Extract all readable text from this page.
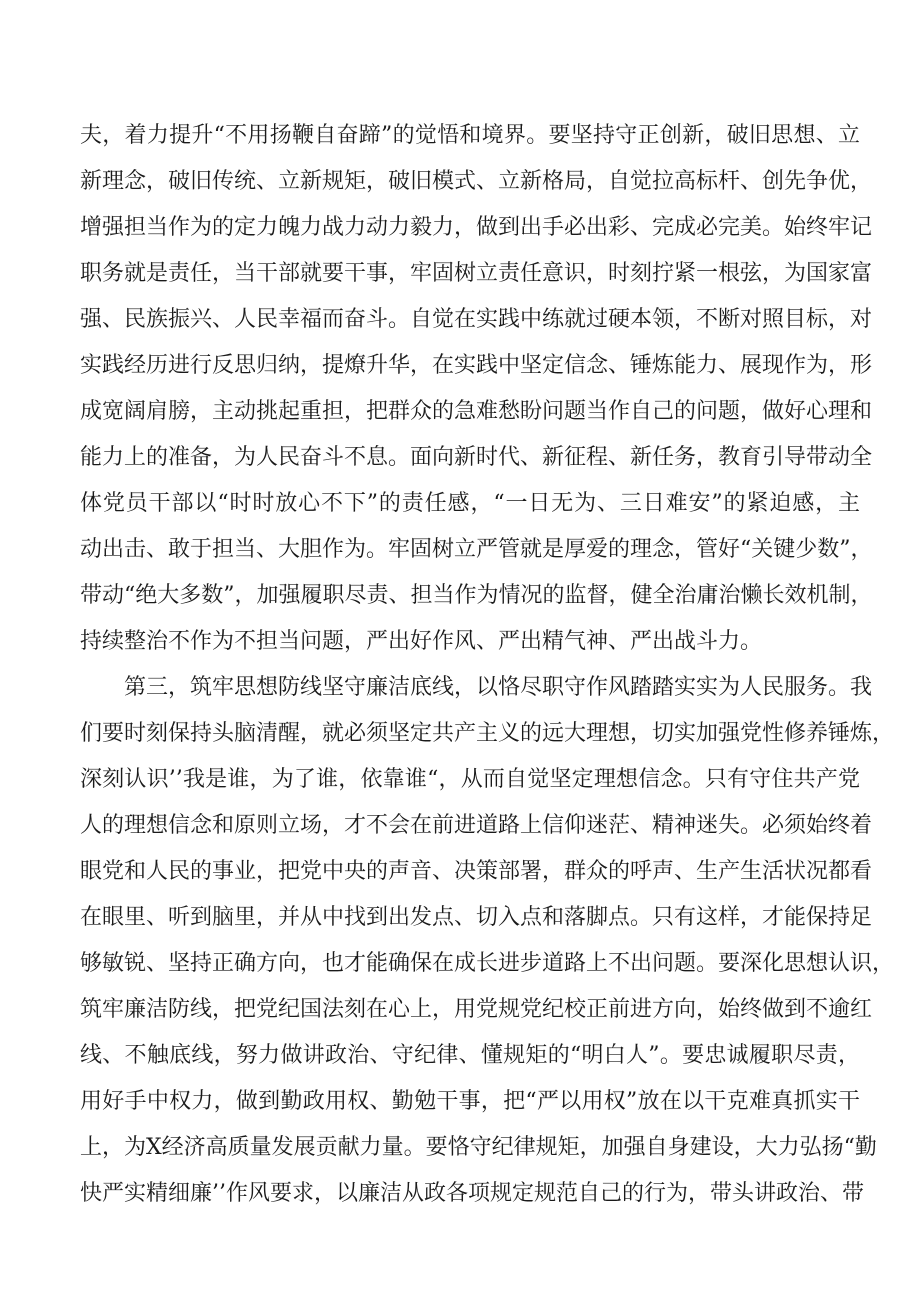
夫，着力提升“不用扬鞭自奋蹄”的觉悟和境界。要坚持守正创新，破旧思想、立
新理念，破旧传统、立新规矩，破旧模式、立新格局，自觉拉高标杆、创先争优，
增强担当作为的定力魄力战力动力毅力，做到出手必出彩、完成必完美。始终牢记
职务就是责任，当干部就要干事，牢固树立责任意识，时刻拧紧一根弦，为国家富
强、民族振兴、人民幸福而奋斗。自觉在实践中练就过硬本领，不断对照目标，对
实践经历进行反思归纳，提燎升华，在实践中坚定信念、锤炼能力、展现作为，形
成宽阔肩膀，主动挑起重担，把群众的急难愁盼问题当作自己的问题，做好心理和
能力上的准备，为人民奋斗不息。面向新时代、新征程、新任务，教育引导带动全
体党员干部以“时时放心不下”的责任感，“一日无为、三日难安”的紧迫感，主
动出击、敢于担当、大胆作为。牢固树立严管就是厚爱的理念，管好“关键少数”，
带动“绝大多数”，加强履职尽责、担当作为情况的监督，健全治庸治懒长效机制，
持续整治不作为不担当问题，严出好作风、严出精气神、严出战斗力。
第三，筑牢思想防线坚守廉洁底线，以恪尽职守作风踏踏实实为人民服务。我
们要时刻保持头脑清醒，就必须坚定共产主义的远大理想，切实加强党性修养锤炼，
深刻认识’’我是谁，为了谁，依靠谁“，从而自觉坚定理想信念。只有守住共产党
人的理想信念和原则立场，才不会在前进道路上信仰迷茫、精神迷失。必须始终着
眼党和人民的事业，把党中央的声音、决策部署，群众的呼声、生产生活状况都看
在眼里、听到脑里，并从中找到出发点、切入点和落脚点。只有这样，才能保持足
够敏锐、坚持正确方向，也才能确保在成长进步道路上不出问题。要深化思想认识，
筑牢廉洁防线，把党纪国法刻在心上，用党规党纪校正前进方向，始终做到不逾红
线、不触底线，努力做讲政治、守纪律、懂规矩的“明白人”。要忠诚履职尽责，
用好手中权力，做到勤政用权、勤勉干事，把“严以用权”放在以干克难真抓实干
上，为X经济高质量发展贡献力量。要恪守纪律规矩，加强自身建设，大力弘扬“勤
快严实精细廉’’作风要求，以廉洁从政各项规定规范自己的行为，带头讲政治、带
